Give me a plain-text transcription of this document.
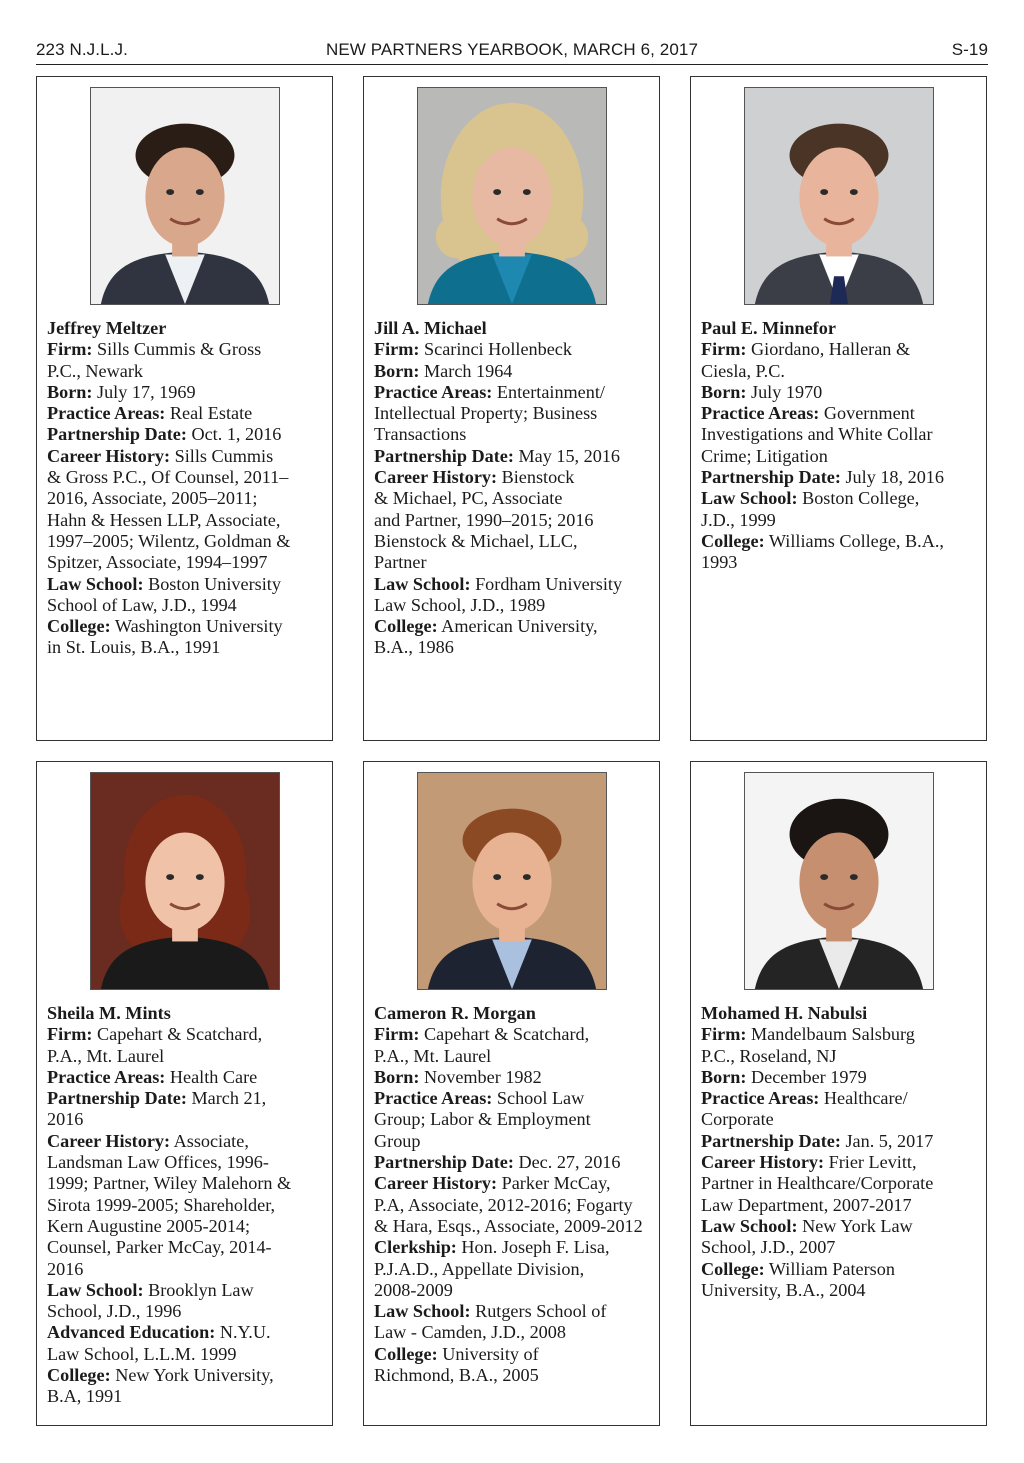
223 N.J.L.J.	NEW PARTNERS YEARBOOK, MARCH 6, 2017	S-19
Jeffrey Meltzer
Firm: Sills Cummis & Gross
P.C., Newark
Born: July 17, 1969
Practice Areas: Real Estate
Partnership Date: Oct. 1, 2016
Career History: Sills Cummis
& Gross P.C., Of Counsel, 2011–
2016, Associate, 2005–2011;
Hahn & Hessen LLP, Associate,
1997–2005; Wilentz, Goldman &
Spitzer, Associate, 1994–1997
Law School: Boston University
School of Law, J.D., 1994
College: Washington University
in St. Louis, B.A., 1991
Jill A. Michael
Firm: Scarinci Hollenbeck
Born: March 1964
Practice Areas: Entertainment/
Intellectual Property; Business
Transactions
Partnership Date: May 15, 2016
Career History: Bienstock
& Michael, PC, Associate
and Partner, 1990–2015; 2016
Bienstock & Michael, LLC,
Partner
Law School: Fordham University
Law School, J.D., 1989
College: American University,
B.A., 1986
Paul E. Minnefor
Firm: Giordano, Halleran &
Ciesla, P.C.
Born: July 1970
Practice Areas: Government
Investigations and White Collar
Crime; Litigation
Partnership Date: July 18, 2016
Law School: Boston College,
J.D., 1999
College: Williams College, B.A.,
1993
Sheila M. Mints
Firm: Capehart & Scatchard,
P.A., Mt. Laurel
Practice Areas: Health Care
Partnership Date: March 21,
2016
Career History: Associate,
Landsman Law Offices, 1996-
1999; Partner, Wiley Malehorn &
Sirota 1999-2005; Shareholder,
Kern Augustine 2005-2014;
Counsel, Parker McCay, 2014-
2016
Law School: Brooklyn Law
School, J.D., 1996
Advanced Education: N.Y.U.
Law School, L.L.M. 1999
College: New York University,
B.A, 1991
Cameron R. Morgan
Firm: Capehart & Scatchard,
P.A., Mt. Laurel
Born: November 1982
Practice Areas: School Law
Group; Labor & Employment
Group
Partnership Date: Dec. 27, 2016
Career History: Parker McCay,
P.A, Associate, 2012-2016; Fogarty
& Hara, Esqs., Associate, 2009-2012
Clerkship: Hon. Joseph F. Lisa,
P.J.A.D., Appellate Division,
2008-2009
Law School: Rutgers School of
Law - Camden, J.D., 2008
College: University of
Richmond, B.A., 2005
Mohamed H. Nabulsi
Firm: Mandelbaum Salsburg
P.C., Roseland, NJ
Born: December 1979
Practice Areas: Healthcare/
Corporate
Partnership Date: Jan. 5, 2017
Career History: Frier Levitt,
Partner in Healthcare/Corporate
Law Department, 2007-2017
Law School: New York Law
School, J.D., 2007
College: William Paterson
University, B.A., 2004
